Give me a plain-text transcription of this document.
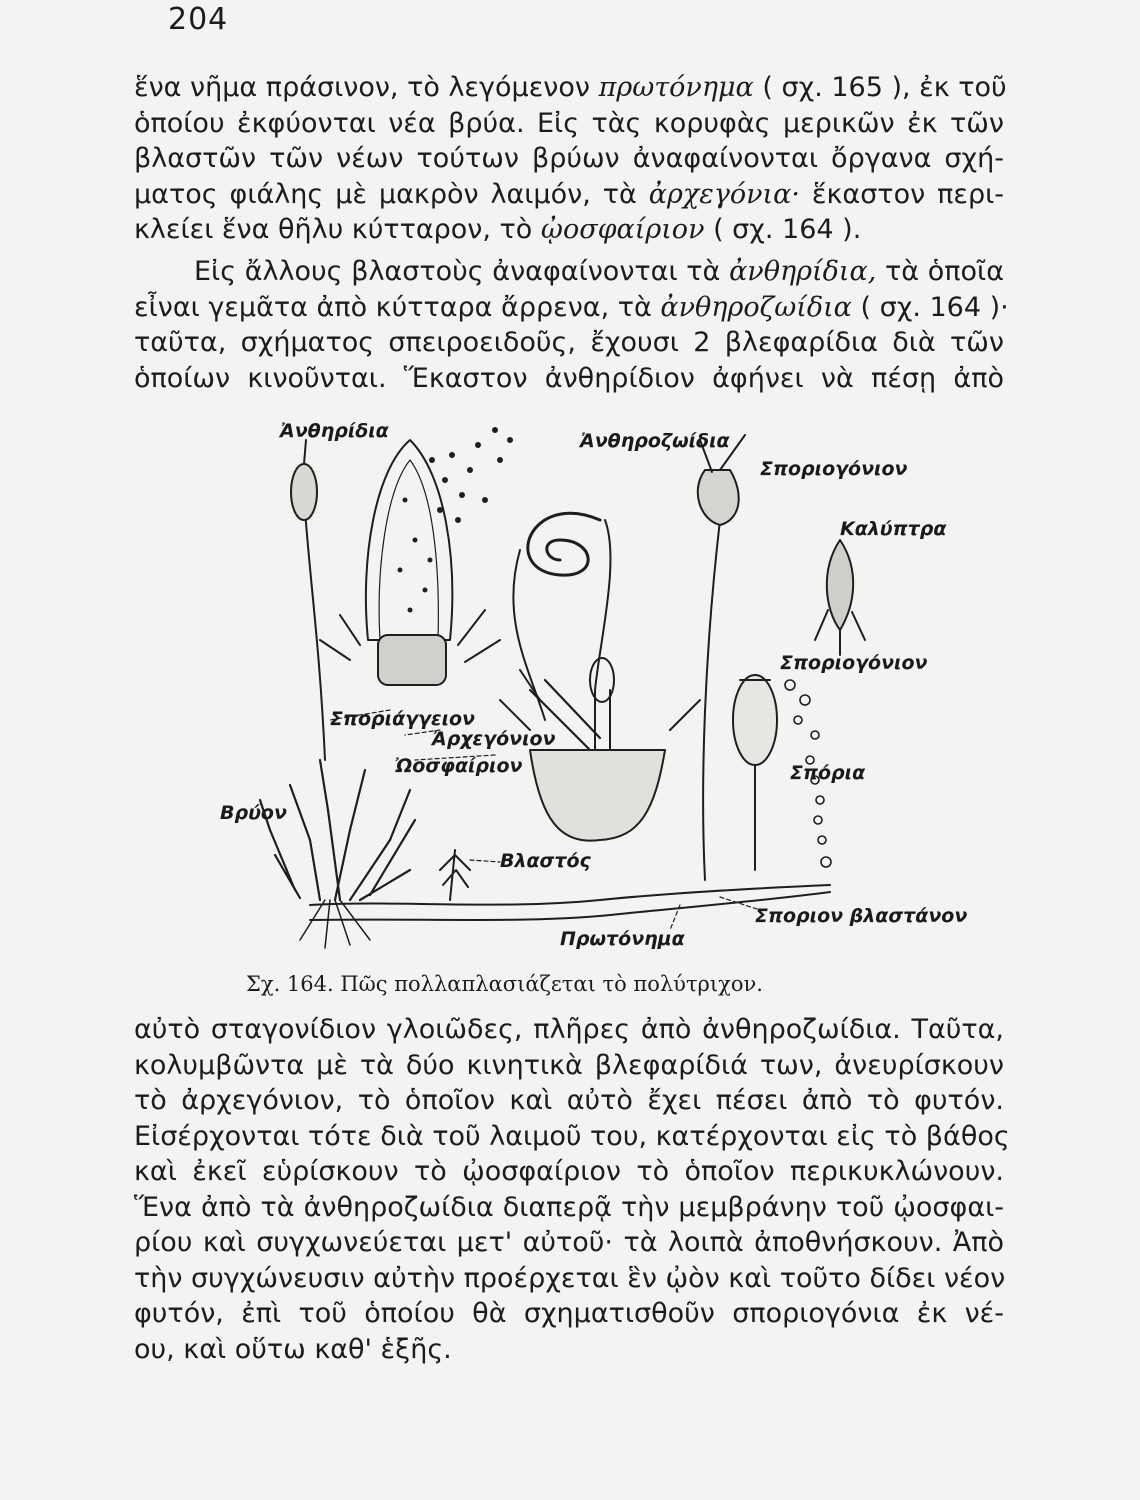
204

ἕνα νῆμα πράσινον, τὸ λεγόμενον πρωτόνημα ( σχ. 165 ), ἐκ τοῦ
ὁποίου ἐκφύονται νέα βρύα. Εἰς τὰς κορυφὰς μερικῶν ἐκ τῶν
βλαστῶν τῶν νέων τούτων βρύων ἀναφαίνονται ὄργανα σχή-
ματος φιάλης μὲ μακρὸν λαιμόν, τὰ ἀρχεγόνια· ἕκαστον περι-
κλείει ἕνα θῆλυ κύτταρον, τὸ ᾠοσφαίριον ( σχ. 164 ).

Εἰς ἄλλους βλαστοὺς ἀναφαίνονται τὰ ἀνθηρίδια, τὰ ὁποῖα
εἶναι γεμᾶτα ἀπὸ κύτταρα ἄρρενα, τὰ ἀνθηροζωίδια ( σχ. 164 )·
ταῦτα, σχήματος σπειροειδοῦς, ἔχουσι 2 βλεφαρίδια διὰ τῶν
ὁποίων κινοῦνται. Ἕκαστον ἀνθηρίδιον ἀφήνει νὰ πέσῃ ἀπὸ

Ἀνθηρίδια	Ἀνθηροζωίδια
Σποριογόνιον
Καλύπτρα
Σποριογόνιον
Σποριάγγειον
Ἀρχεγόνιον
Ὠοσφαίριον	Σπόρια
Βρύον
Βλαστός
Σποριον βλαστάνον
Πρωτόνημα
Σχ. 164. Πῶς πολλαπλασιάζεται τὸ πολύτριχον.

αὐτὸ σταγονίδιον γλοιῶδες, πλῆρες ἀπὸ ἀνθηροζωίδια. Ταῦτα,
κολυμβῶντα μὲ τὰ δύο κινητικὰ βλεφαρίδιά των, ἀνευρίσκουν
τὸ ἀρχεγόνιον, τὸ ὁποῖον καὶ αὐτὸ ἔχει πέσει ἀπὸ τὸ φυτόν.
Εἰσέρχονται τότε διὰ τοῦ λαιμοῦ του, κατέρχονται εἰς τὸ βάθος
καὶ ἐκεῖ εὑρίσκουν τὸ ᾠοσφαίριον τὸ ὁποῖον περικυκλώνουν.
Ἕνα ἀπὸ τὰ ἀνθηροζωίδια διαπερᾷ τὴν μεμβράνην τοῦ ᾠοσφαι-
ρίου καὶ συγχωνεύεται μετ' αὐτοῦ· τὰ λοιπὰ ἀποθνήσκουν. Ἀπὸ
τὴν συγχώνευσιν αὐτὴν προέρχεται ἓν ᾠὸν καὶ τοῦτο δίδει νέον
φυτόν, ἐπὶ τοῦ ὁποίου θὰ σχηματισθοῦν σποριογόνια ἐκ νέ-
ου, καὶ οὕτω καθ' ἑξῆς.
